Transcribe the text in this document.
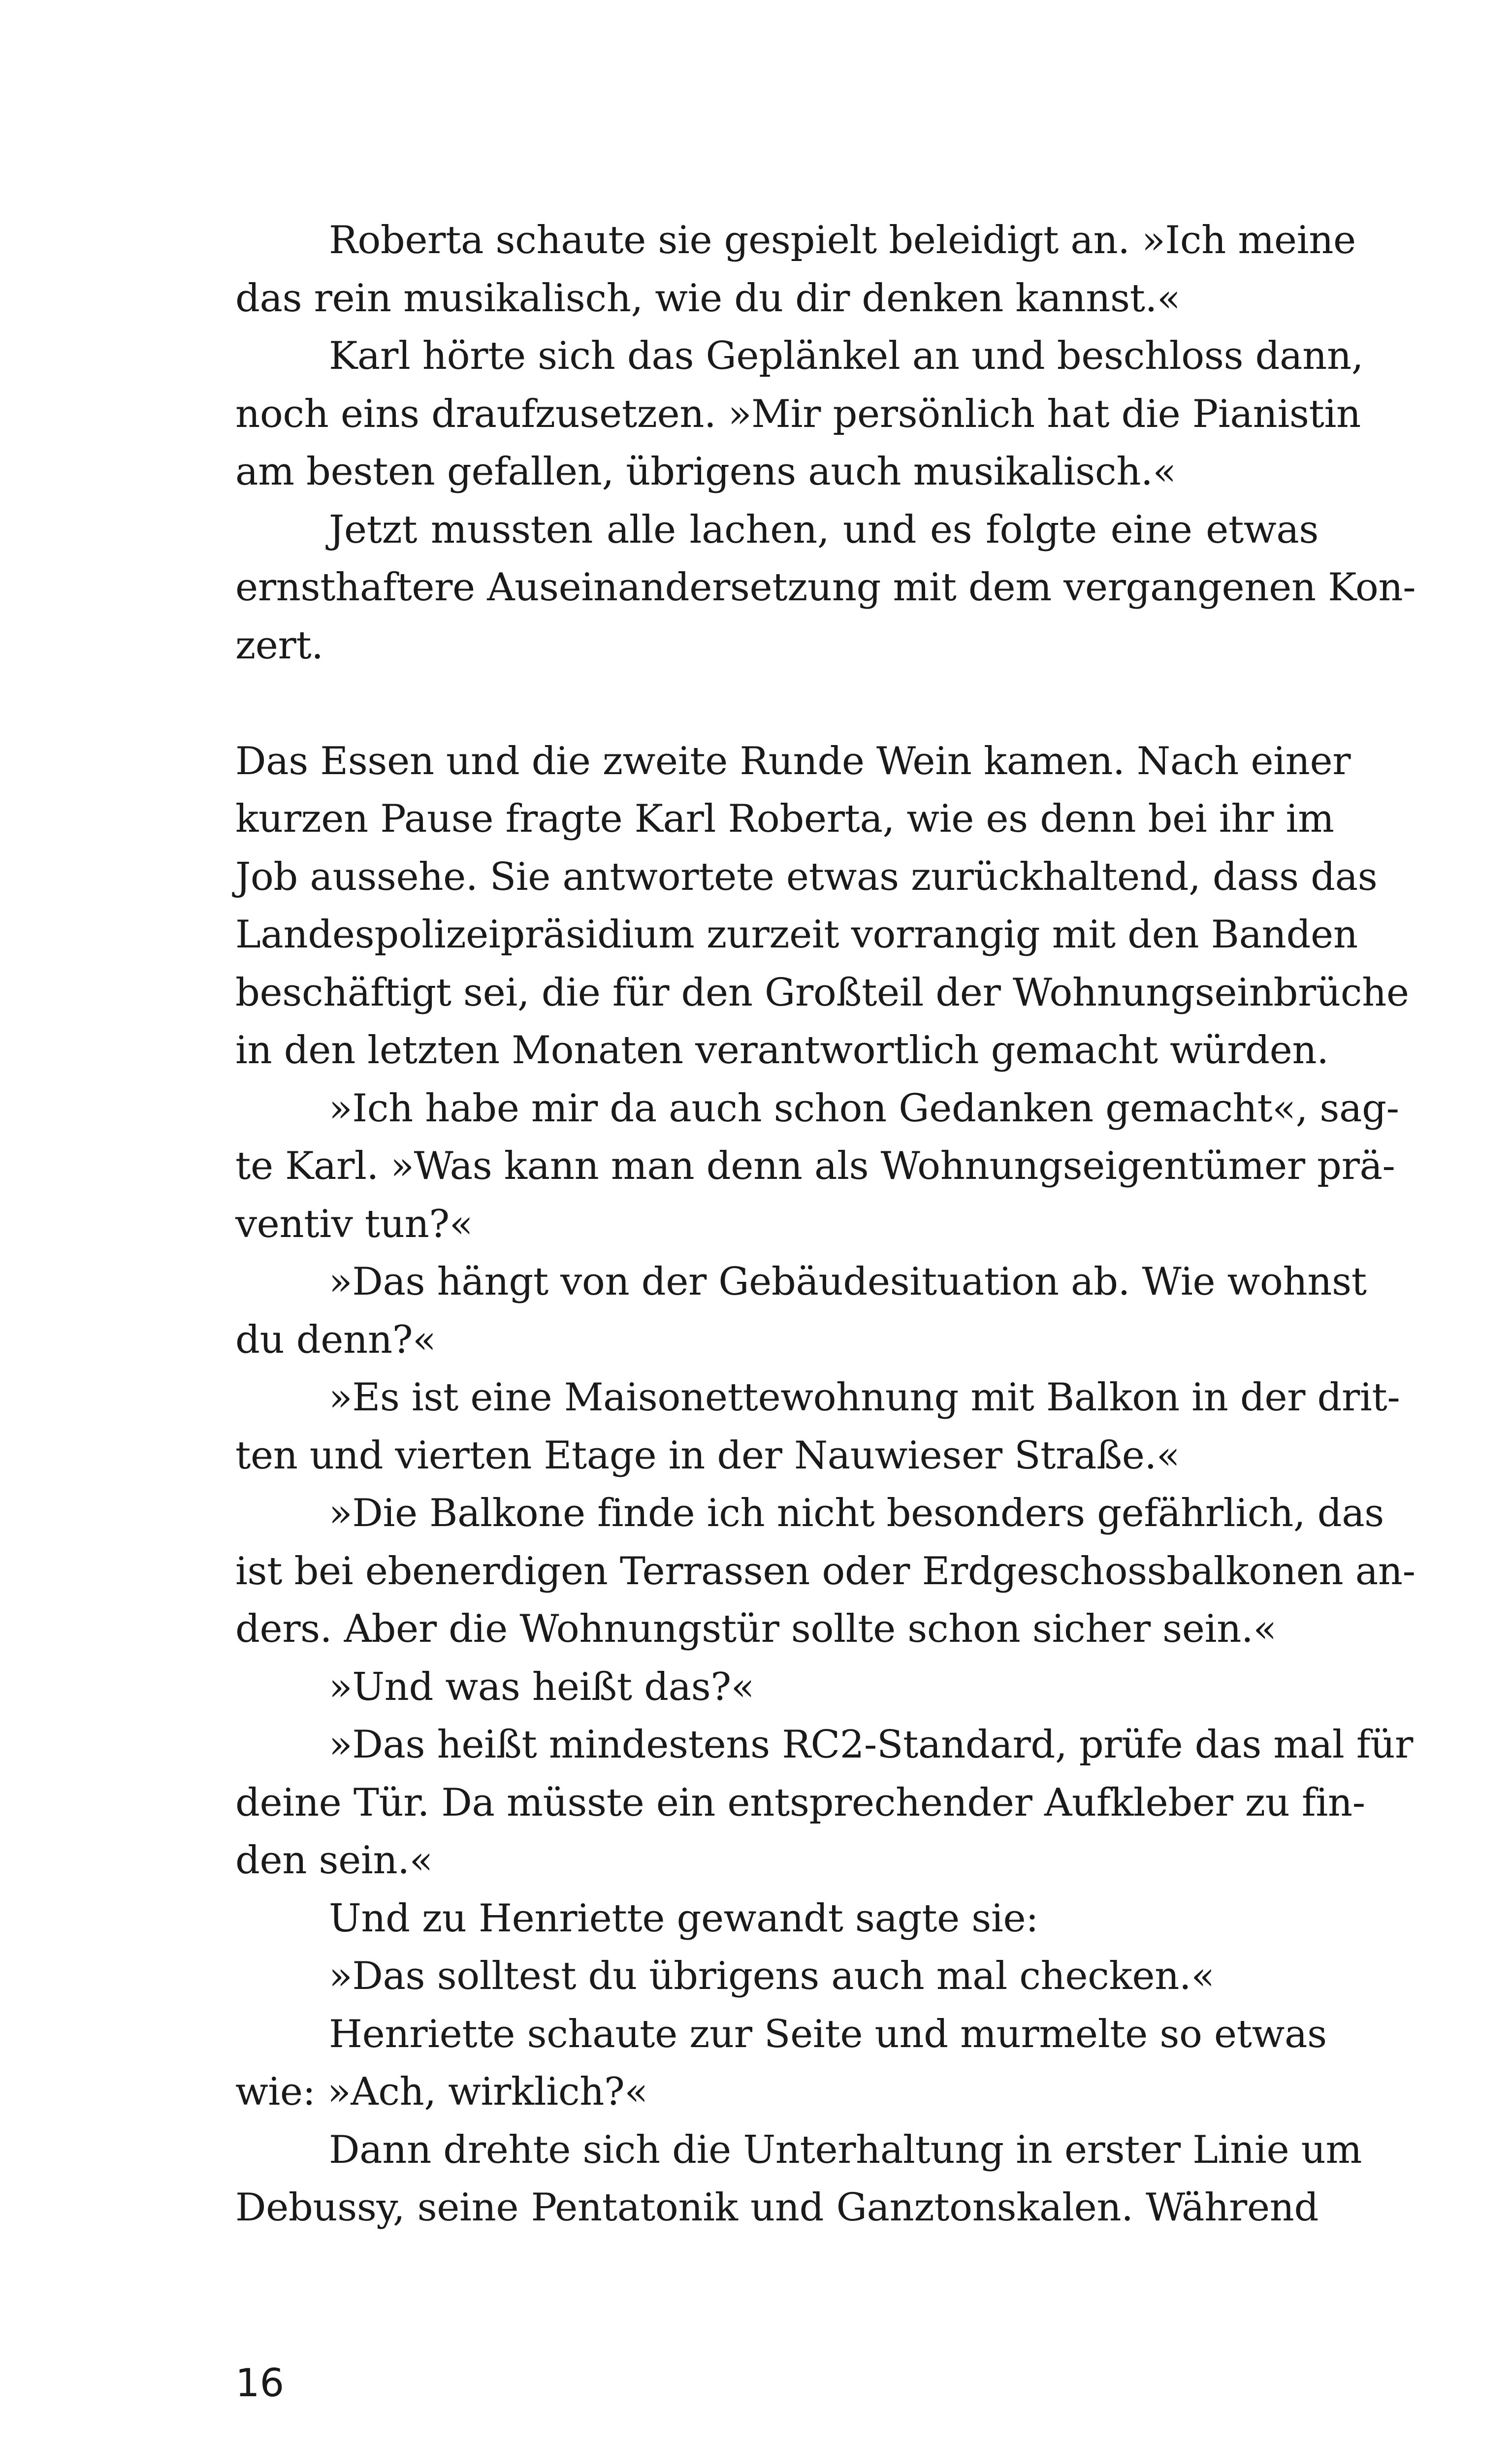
Roberta schaute sie gespielt beleidigt an. »Ich meine
das rein musikalisch, wie du dir denken kannst.«
Karl hörte sich das Geplänkel an und beschloss dann,
noch eins draufzusetzen. »Mir persönlich hat die Pianistin
am besten gefallen, übrigens auch musikalisch.«
Jetzt mussten alle lachen, und es folgte eine etwas
ernsthaftere Auseinandersetzung mit dem vergangenen Kon-
zert.
Das Essen und die zweite Runde Wein kamen. Nach einer
kurzen Pause fragte Karl Roberta, wie es denn bei ihr im
Job aussehe. Sie antwortete etwas zurückhaltend, dass das
Landespolizeipräsidium zurzeit vorrangig mit den Banden
beschäftigt sei, die für den Großteil der Wohnungseinbrüche
in den letzten Monaten verantwortlich gemacht würden.
»Ich habe mir da auch schon Gedanken gemacht«, sag-
te Karl. »Was kann man denn als Wohnungseigentümer prä-
ventiv tun?«
»Das hängt von der Gebäudesituation ab. Wie wohnst
du denn?«
»Es ist eine Maisonettewohnung mit Balkon in der drit-
ten und vierten Etage in der Nauwieser Straße.«
»Die Balkone finde ich nicht besonders gefährlich, das
ist bei ebenerdigen Terrassen oder Erdgeschossbalkonen an-
ders. Aber die Wohnungstür sollte schon sicher sein.«
»Und was heißt das?«
»Das heißt mindestens RC2-Standard, prüfe das mal für
deine Tür. Da müsste ein entsprechender Aufkleber zu fin-
den sein.«
Und zu Henriette gewandt sagte sie:
»Das solltest du übrigens auch mal checken.«
Henriette schaute zur Seite und murmelte so etwas
wie: »Ach, wirklich?«
Dann drehte sich die Unterhaltung in erster Linie um
Debussy, seine Pentatonik und Ganztonskalen. Während
16
